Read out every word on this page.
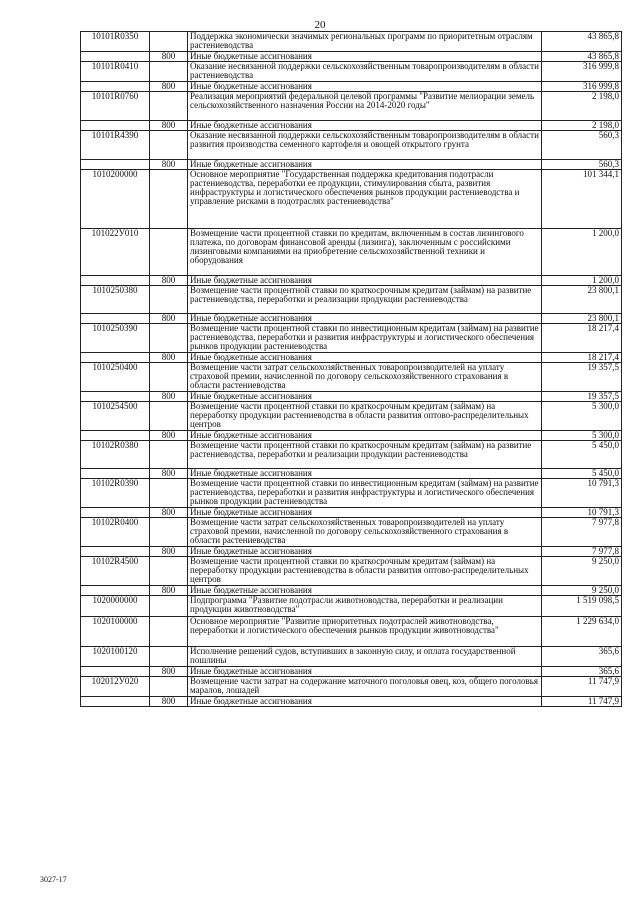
20
10101R0350		Поддержка экономически значимых региональных программ по приоритетным отраслям растениеводства	43 865,8
	800	Иные бюджетные ассигнования	43 865,8
10101R0410		Оказание несвязанной поддержки сельскохозяйственным товаропроизводителям в области растениеводства	316 999,8
	800	Иные бюджетные ассигнования	316 999,8
10101R0760		Реализация мероприятий федеральной целевой программы "Развитие мелиорации земель сельскохозяйственного назначения России на 2014-2020 годы"	2 198,0
	800	Иные бюджетные ассигнования	2 198,0
10101R4390		Оказание несвязанной поддержки сельскохозяйственным товаропроизводителям в области развития производства семенного картофеля и овощей открытого грунта	560,3
	800	Иные бюджетные ассигнования	560,3
1010200000		Основное мероприятие "Государственная поддержка кредитования подотрасли растениеводства, переработки ее продукции, стимулирования сбыта, развития инфраструктуры и логистического обеспечения рынков продукции растениеводства и управление рисками в подотраслях растениеводства"	101 344,1
101022У010		Возмещение части процентной ставки по кредитам, включенным в состав лизингового платежа, по договорам финансовой аренды (лизинга), заключенным с российскими лизинговыми компаниями на приобретение сельскохозяйственной техники и оборудования	1 200,0
	800	Иные бюджетные ассигнования	1 200,0
1010250380		Возмещение части процентной ставки по краткосрочным кредитам (займам) на развитие растениеводства, переработки и реализации продукции растениеводства	23 800,1
	800	Иные бюджетные ассигнования	23 800,1
1010250390		Возмещение части процентной ставки по инвестиционным кредитам (займам) на развитие растениеводства, переработки и развития инфраструктуры и логистического обеспечения рынков продукции растениеводства	18 217,4
	800	Иные бюджетные ассигнования	18 217,4
1010250400		Возмещение части затрат сельскохозяйственных товаропроизводителей на уплату страховой премии, начисленной по договору сельскохозяйственного страхования в области растениеводства	19 357,5
	800	Иные бюджетные ассигнования	19 357,5
1010254500		Возмещение части процентной ставки по краткосрочным кредитам (займам) на переработку продукции растениеводства в области развития оптово-распределительных центров	5 300,0
	800	Иные бюджетные ассигнования	5 300,0
10102R0380		Возмещение части процентной ставки по краткосрочным кредитам (займам) на развитие растениеводства, переработки и реализации продукции растениеводства	5 450,0
	800	Иные бюджетные ассигнования	5 450,0
10102R0390		Возмещение части процентной ставки по инвестиционным кредитам (займам) на развитие растениеводства, переработки и развития инфраструктуры и логистического обеспечения рынков продукции растениеводства	10 791,3
	800	Иные бюджетные ассигнования	10 791,3
10102R0400		Возмещение части затрат сельскохозяйственных товаропроизводителей на уплату страховой премии, начисленной по договору сельскохозяйственного страхования в области растениеводства	7 977,8
	800	Иные бюджетные ассигнования	7 977,8
10102R4500		Возмещение части процентной ставки по краткосрочным кредитам (займам) на переработку продукции растениеводства в области развития оптово-распределительных центров	9 250,0
	800	Иные бюджетные ассигнования	9 250,0
1020000000		Подпрограмма "Развитие подотрасли животноводства, переработки и реализации продукции животноводства"	1 519 098,5
1020100000		Основное мероприятие "Развитие приоритетных подотраслей животноводства, переработки и логистического обеспечения рынков продукции животноводства"	1 229 634,0
1020100120		Исполнение решений судов, вступивших в законную силу, и оплата государственной пошлины	365,6
	800	Иные бюджетные ассигнования	365,6
102012У020		Возмещение части затрат на содержание маточного поголовья овец, коз, общего поголовья маралов, лошадей	11 747,9
	800	Иные бюджетные ассигнования	11 747,9
3027-17
